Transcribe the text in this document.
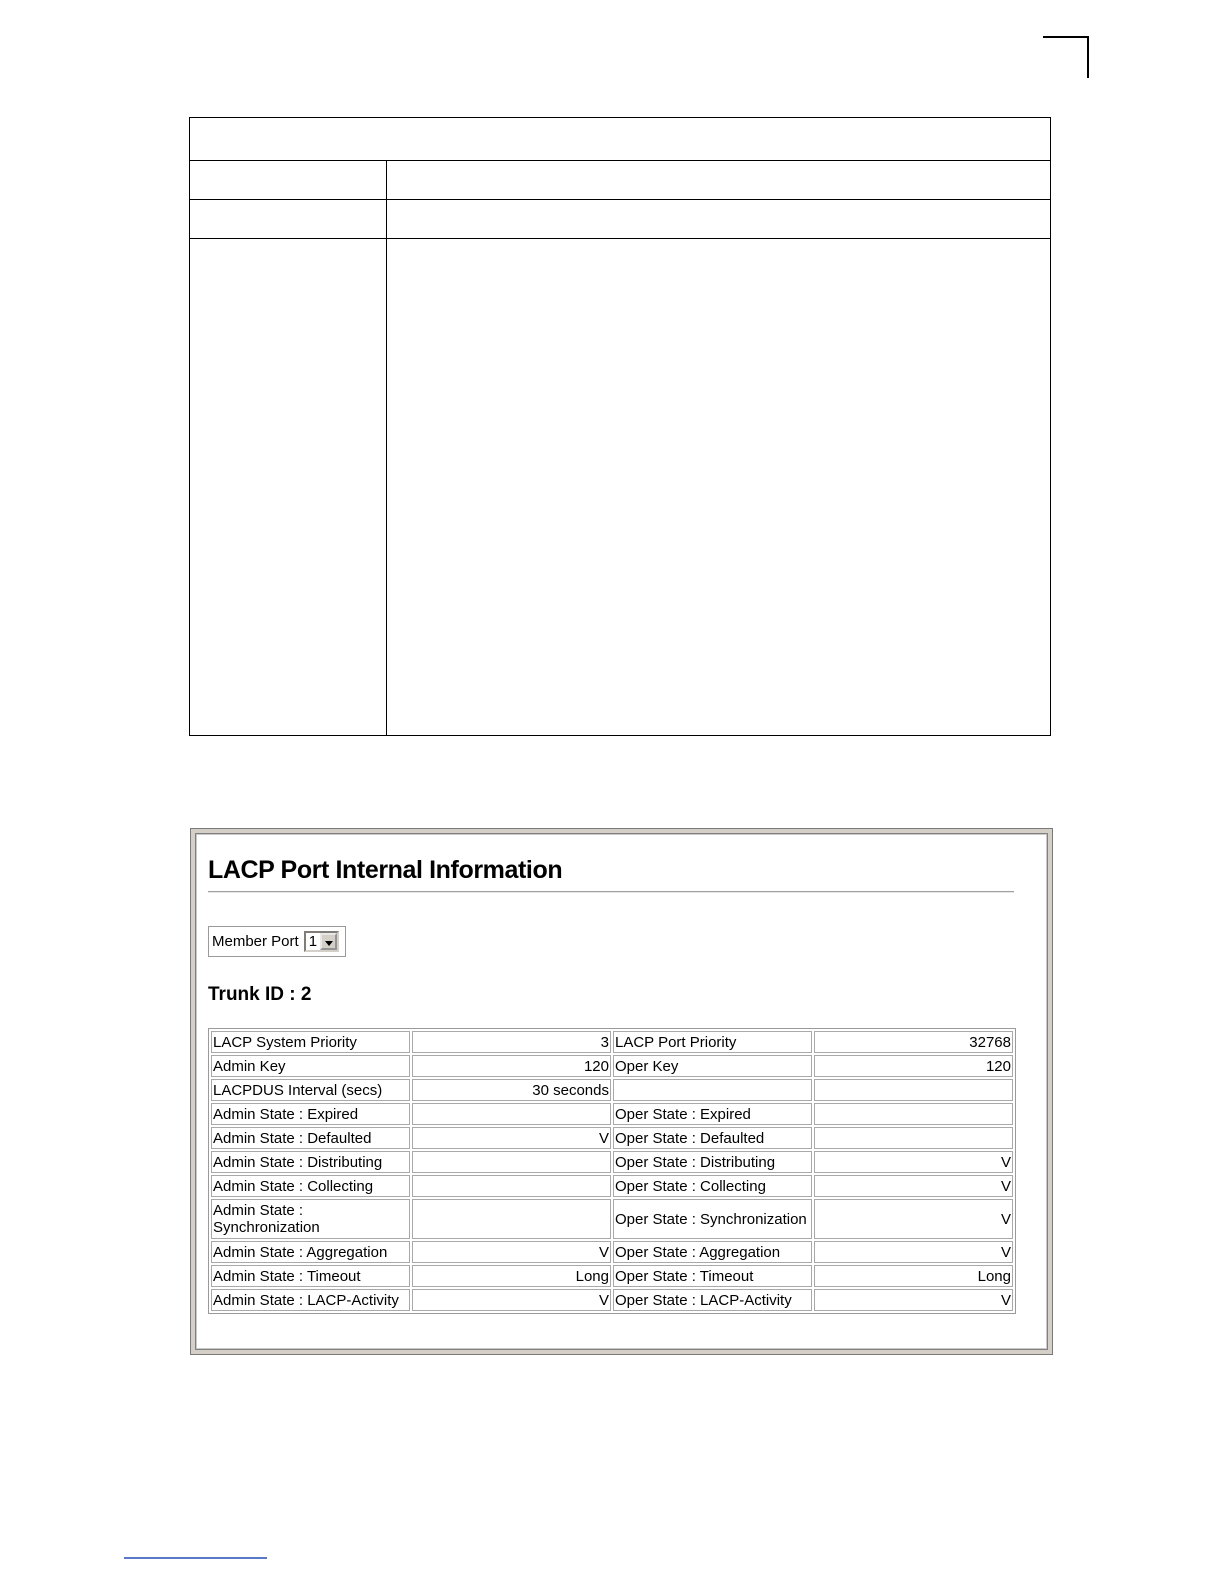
LACP Port Internal Information
Member Port 1
Trunk ID : 2
LACP System Priority	3	LACP Port Priority	32768
Admin Key	120	Oper Key	120
LACPDUS Interval (secs)	30 seconds		
Admin State : Expired		Oper State : Expired	
Admin State : Defaulted	V	Oper State : Defaulted	
Admin State : Distributing		Oper State : Distributing	V
Admin State : Collecting		Oper State : Collecting	V
Admin State : Synchronization		Oper State : Synchronization	V
Admin State : Aggregation	V	Oper State : Aggregation	V
Admin State : Timeout	Long	Oper State : Timeout	Long
Admin State : LACP-Activity	V	Oper State : LACP-Activity	V
